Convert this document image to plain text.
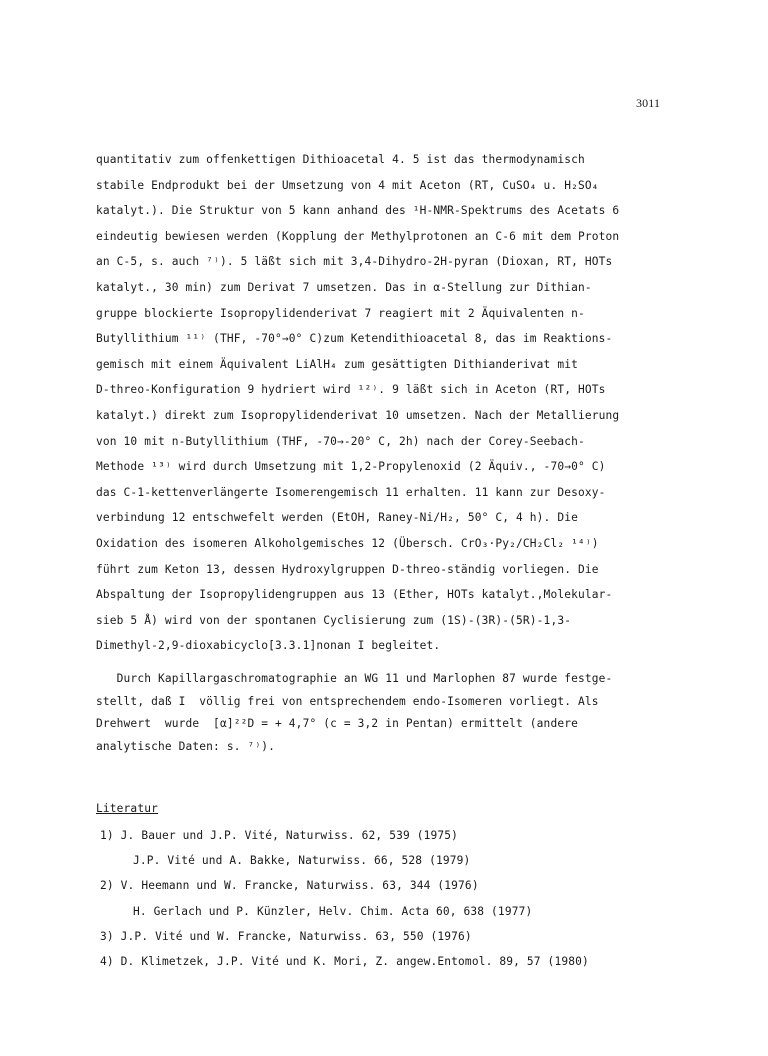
3011
quantitativ zum offenkettigen Dithioacetal 4. 5 ist das thermodynamisch
stabile Endprodukt bei der Umsetzung von 4 mit Aceton (RT, CuSO₄ u. H₂SO₄
katalyt.). Die Struktur von 5 kann anhand des ¹H-NMR-Spektrums des Acetats 6
eindeutig bewiesen werden (Kopplung der Methylprotonen an C-6 mit dem Proton
an C-5, s. auch ⁷⁾). 5 läßt sich mit 3,4-Dihydro-2H-pyran (Dioxan, RT, HOTs
katalyt., 30 min) zum Derivat 7 umsetzen. Das in α-Stellung zur Dithian-
gruppe blockierte Isopropylidenderivat 7 reagiert mit 2 Äquivalenten n-
Butyllithium ¹¹⁾ (THF, -70°→0° C)zum Ketendithioacetal 8, das im Reaktions-
gemisch mit einem Äquivalent LiAlH₄ zum gesättigten Dithianderivat mit
D-threo-Konfiguration 9 hydriert wird ¹²⁾. 9 läßt sich in Aceton (RT, HOTs
katalyt.) direkt zum Isopropylidenderivat 10 umsetzen. Nach der Metallierung
von 10 mit n-Butyllithium (THF, -70→-20° C, 2h) nach der Corey-Seebach-
Methode ¹³⁾ wird durch Umsetzung mit 1,2-Propylenoxid (2 Äquiv., -70→0° C)
das C-1-kettenverlängerte Isomerengemisch 11 erhalten. 11 kann zur Desoxy-
verbindung 12 entschwefelt werden (EtOH, Raney-Ni/H₂, 50° C, 4 h). Die
Oxidation des isomeren Alkoholgemisches 12 (Übersch. CrO₃·Py₂/CH₂Cl₂ ¹⁴⁾)
führt zum Keton 13, dessen Hydroxylgruppen D-threo-ständig vorliegen. Die
Abspaltung der Isopropylidengruppen aus 13 (Ether, HOTs katalyt.,Molekular-
sieb 5 Å) wird von der spontanen Cyclisierung zum (1S)-(3R)-(5R)-1,3-
Dimethyl-2,9-dioxabicyclo[3.3.1]nonan I begleitet.
Durch Kapillargaschromatographie an WG 11 und Marlophen 87 wurde festge-
stellt, daß I  völlig frei von entsprechendem endo-Isomeren vorliegt. Als
Drehwert  wurde  [α]²²D = + 4,7° (c = 3,2 in Pentan) ermittelt (andere
analytische Daten: s. ⁷⁾).
Literatur
1) J. Bauer und J.P. Vité, Naturwiss. 62, 539 (1975)
J.P. Vité und A. Bakke, Naturwiss. 66, 528 (1979)
2) V. Heemann und W. Francke, Naturwiss. 63, 344 (1976)
H. Gerlach und P. Künzler, Helv. Chim. Acta 60, 638 (1977)
3) J.P. Vité und W. Francke, Naturwiss. 63, 550 (1976)
4) D. Klimetzek, J.P. Vité und K. Mori, Z. angew.Entomol. 89, 57 (1980)
